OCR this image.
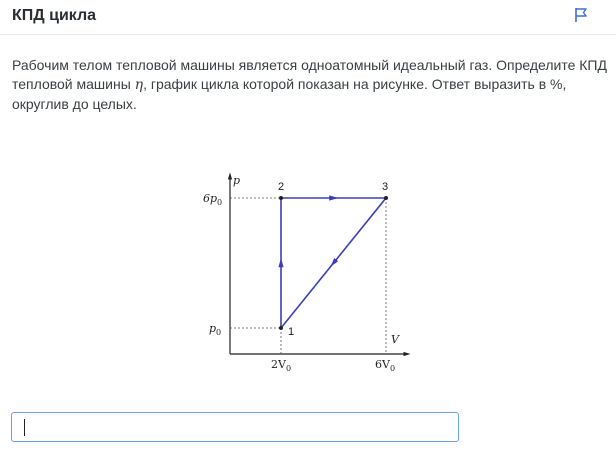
КПД цикла
Рабочим телом тепловой машины является одноатомный идеальный газ. Определите КПД тепловой машины η, график цикла которой показан на рисунке. Ответ выразить в %, округлив до целых.
p
V
$6p_0$
$p_0$
$2V_0$	$6V_0$
2	3
1
